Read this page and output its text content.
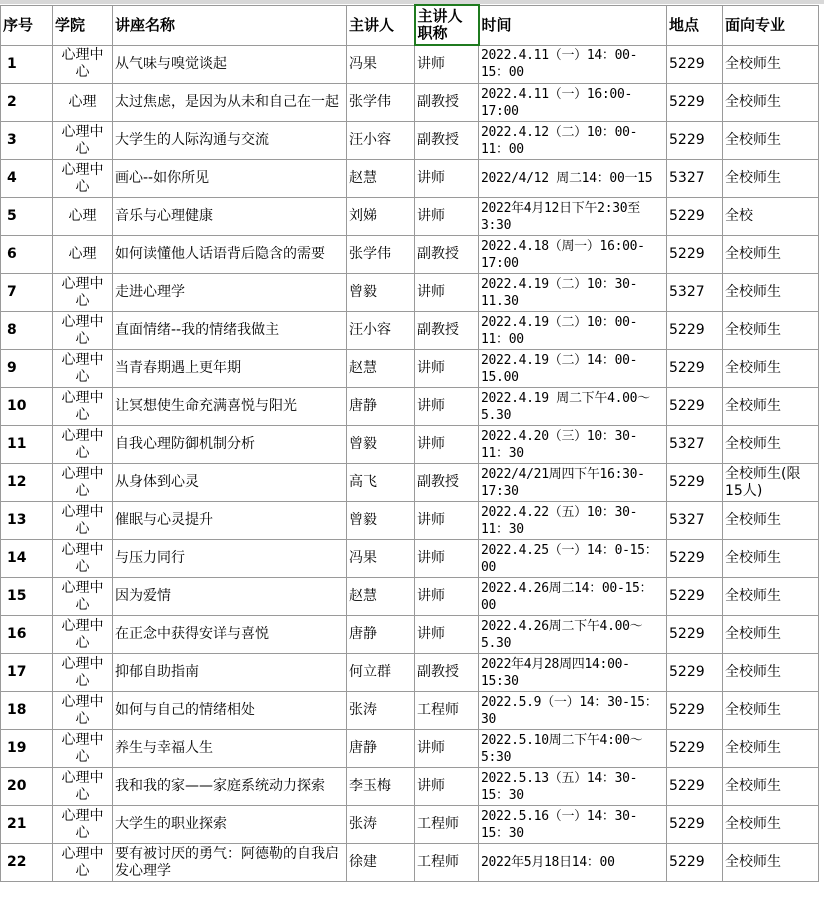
序号	学院	讲座名称	主讲人	主讲人职称	时间	地点	面向专业
1	心理中心	从气味与嗅觉谈起	冯果	讲师	2022.4.11（一）14：00-15：00	5229	全校师生
2	心理	太过焦虑，是因为从未和自己在一起	张学伟	副教授	2022.4.11（一）16:00-17:00	5229	全校师生
3	心理中心	大学生的人际沟通与交流	汪小容	副教授	2022.4.12（二）10：00-11：00	5229	全校师生
4	心理中心	画心--如你所见	赵慧	讲师	2022/4/12 周二14：00一15	5327	全校师生
5	心理	音乐与心理健康	刘娣	讲师	2022年4月12日下午2:30至3:30	5229	全校
6	心理	如何读懂他人话语背后隐含的需要	张学伟	副教授	2022.4.18（周一）16:00-17:00	5229	全校师生
7	心理中心	走进心理学	曾毅	讲师	2022.4.19（二）10：30-11.30	5327	全校师生
8	心理中心	直面情绪--我的情绪我做主	汪小容	副教授	2022.4.19（二）10：00-11：00	5229	全校师生
9	心理中心	当青春期遇上更年期	赵慧	讲师	2022.4.19（二）14：00-15.00	5229	全校师生
10	心理中心	让冥想使生命充满喜悦与阳光	唐静	讲师	2022.4.19 周二下午4.00～5.30	5229	全校师生
11	心理中心	自我心理防御机制分析	曾毅	讲师	2022.4.20（三）10：30-11：30	5327	全校师生
12	心理中心	从身体到心灵	高飞	副教授	2022/4/21周四下午16:30-17:30	5229	全校师生(限15人)
13	心理中心	催眠与心灵提升	曾毅	讲师	2022.4.22（五）10：30-11：30	5327	全校师生
14	心理中心	与压力同行	冯果	讲师	2022.4.25（一）14：0-15：00	5229	全校师生
15	心理中心	因为爱情	赵慧	讲师	2022.4.26周二14：00-15：00	5229	全校师生
16	心理中心	在正念中获得安详与喜悦	唐静	讲师	2022.4.26周二下午4.00～5.30	5229	全校师生
17	心理中心	抑郁自助指南	何立群	副教授	2022年4月28周四14:00-15:30	5229	全校师生
18	心理中心	如何与自己的情绪相处	张涛	工程师	2022.5.9（一）14：30-15：30	5229	全校师生
19	心理中心	养生与幸福人生	唐静	讲师	2022.5.10周二下午4:00～5:30	5229	全校师生
20	心理中心	我和我的家——家庭系统动力探索	李玉梅	讲师	2022.5.13（五）14：30-15：30	5229	全校师生
21	心理中心	大学生的职业探索	张涛	工程师	2022.5.16（一）14：30-15：30	5229	全校师生
22	心理中心	要有被讨厌的勇气：阿德勒的自我启发心理学	徐建	工程师	2022年5月18日14：00	5229	全校师生
